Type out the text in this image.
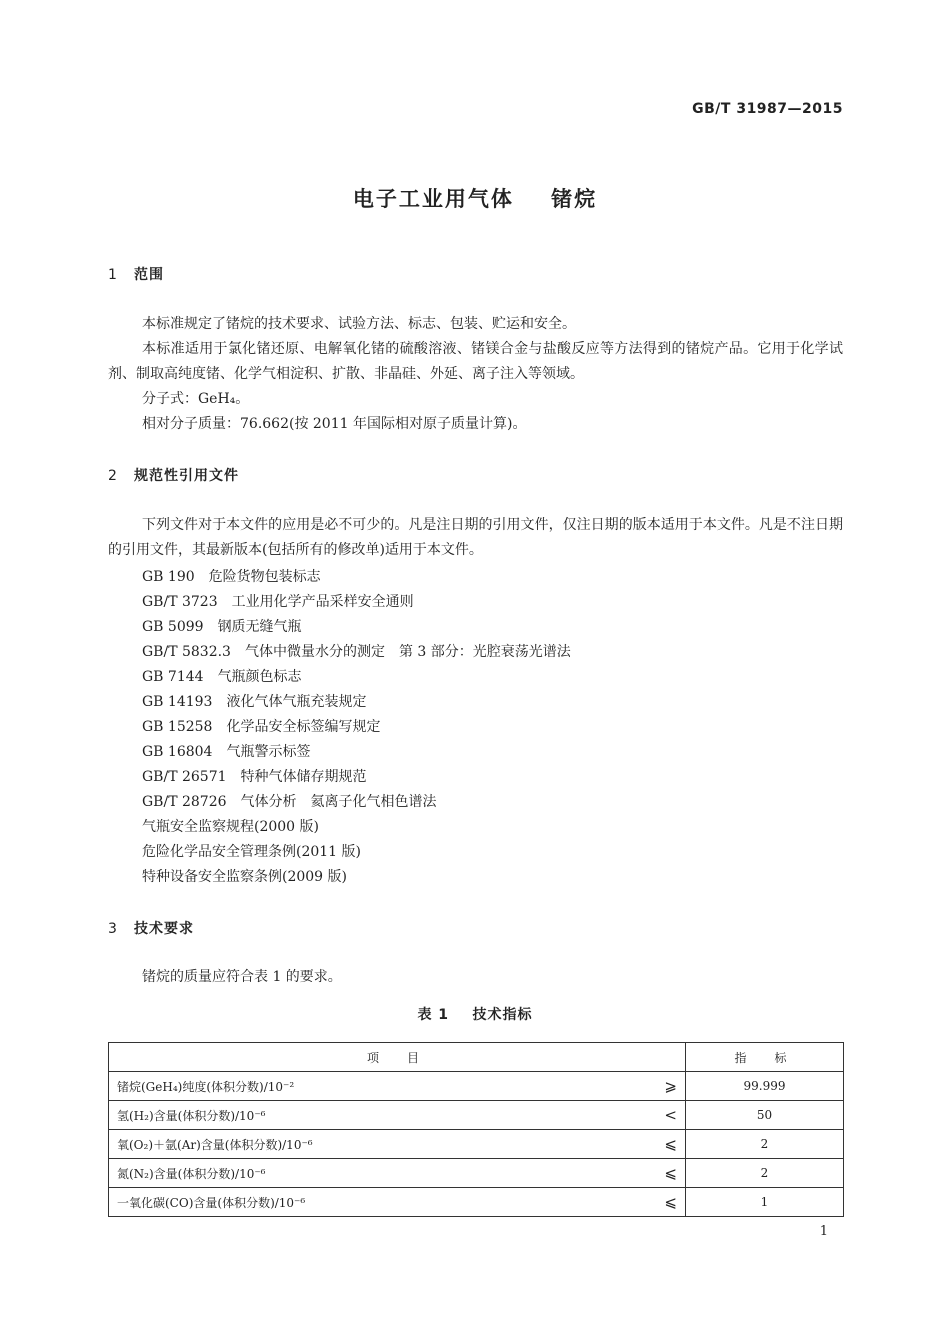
GB/T 31987—2015
电子工业用气体    锗烷
1 范围
本标准规定了锗烷的技术要求、试验方法、标志、包装、贮运和安全。
本标准适用于氯化锗还原、电解氧化锗的硫酸溶液、锗镁合金与盐酸反应等方法得到的锗烷产品。它用于化学试剂、制取高纯度锗、化学气相淀积、扩散、非晶硅、外延、离子注入等领域。
分子式：GeH₄。
相对分子质量：76.662(按 2011 年国际相对原子质量计算)。
2 规范性引用文件
下列文件对于本文件的应用是必不可少的。凡是注日期的引用文件，仅注日期的版本适用于本文件。凡是不注日期的引用文件，其最新版本(包括所有的修改单)适用于本文件。
GB 190 危险货物包装标志
GB/T 3723 工业用化学产品采样安全通则
GB 5099 钢质无缝气瓶
GB/T 5832.3 气体中微量水分的测定　第 3 部分：光腔衰荡光谱法
GB 7144 气瓶颜色标志
GB 14193 液化气体气瓶充装规定
GB 15258 化学品安全标签编写规定
GB 16804 气瓶警示标签
GB/T 26571 特种气体储存期规范
GB/T 28726 气体分析　氦离子化气相色谱法
气瓶安全监察规程(2000 版)
危险化学品安全管理条例(2011 版)
特种设备安全监察条例(2009 版)
3 技术要求
锗烷的质量应符合表 1 的要求。
表 1    技术指标
项　目	指　标
锗烷(GeH₄)纯度(体积分数)/10⁻² ⩾	99.999
氢(H₂)含量(体积分数)/10⁻⁶ <	50
氧(O₂)＋氩(Ar)含量(体积分数)/10⁻⁶ ⩽	2
氮(N₂)含量(体积分数)/10⁻⁶ ⩽	2
一氧化碳(CO)含量(体积分数)/10⁻⁶ ⩽	1
1
